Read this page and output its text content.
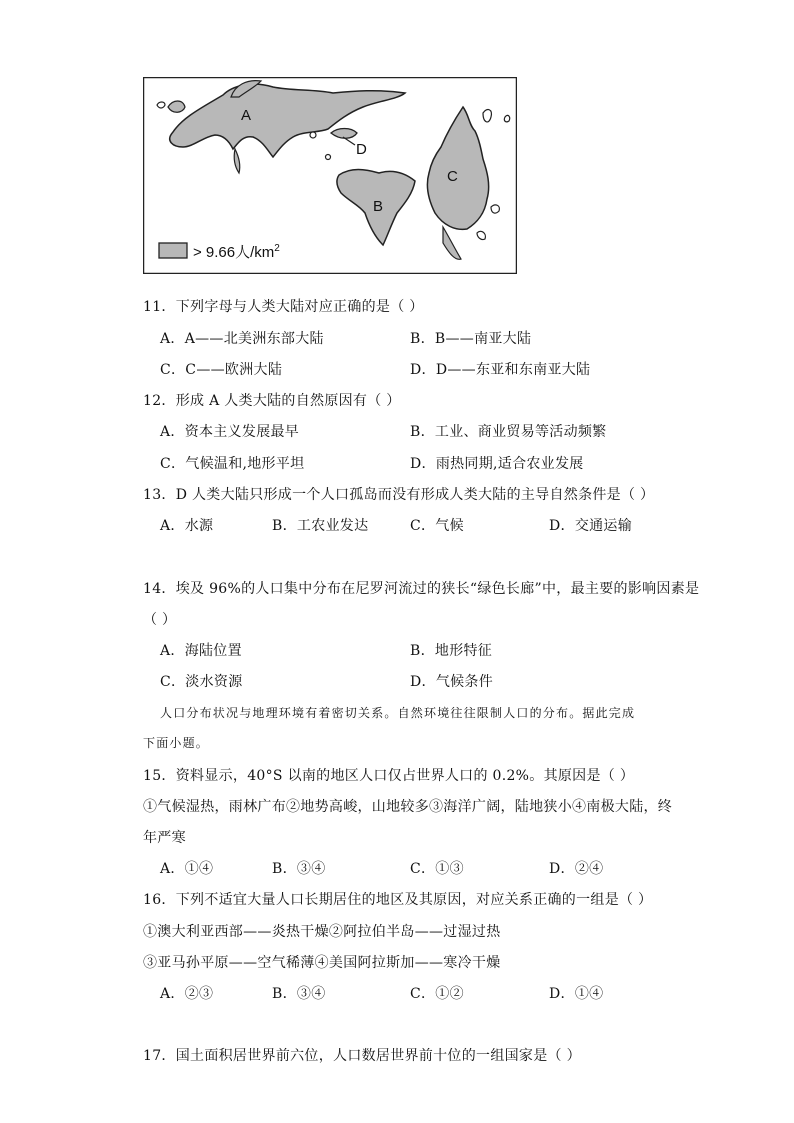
A
D
B
C
> 9.66人$/km^2$
11．下列字母与人类大陆对应正确的是（ ）
A．A——北美洲东部大陆	B．B——南亚大陆
C．C——欧洲大陆	D．D——东亚和东南亚大陆
12．形成 A 人类大陆的自然原因有（ ）
A．资本主义发展最早	B．工业、商业贸易等活动频繁
C．气候温和,地形平坦	D．雨热同期,适合农业发展
13．D 人类大陆只形成一个人口孤岛而没有形成人类大陆的主导自然条件是（ ）
A．水源	B．工农业发达	C．气候	D．交通运输
14．埃及 96%的人口集中分布在尼罗河流过的狭长“绿色长廊”中，最主要的影响因素是
（ ）
A．海陆位置	B．地形特征
C．淡水资源	D．气候条件
人口分布状况与地理环境有着密切关系。自然环境往往限制人口的分布。据此完成
下面小题。
15．资料显示，40°S 以南的地区人口仅占世界人口的 0.2%。其原因是（ ）
①气候湿热，雨林广布②地势高峻，山地较多③海洋广阔，陆地狭小④南极大陆，终
年严寒
A．①④	B．③④	C．①③	D．②④
16．下列不适宜大量人口长期居住的地区及其原因，对应关系正确的一组是（ ）
①澳大利亚西部——炎热干燥②阿拉伯半岛——过湿过热
③亚马孙平原——空气稀薄④美国阿拉斯加——寒冷干燥
A．②③	B．③④	C．①②	D．①④
17．国土面积居世界前六位，人口数居世界前十位的一组国家是（ ）
